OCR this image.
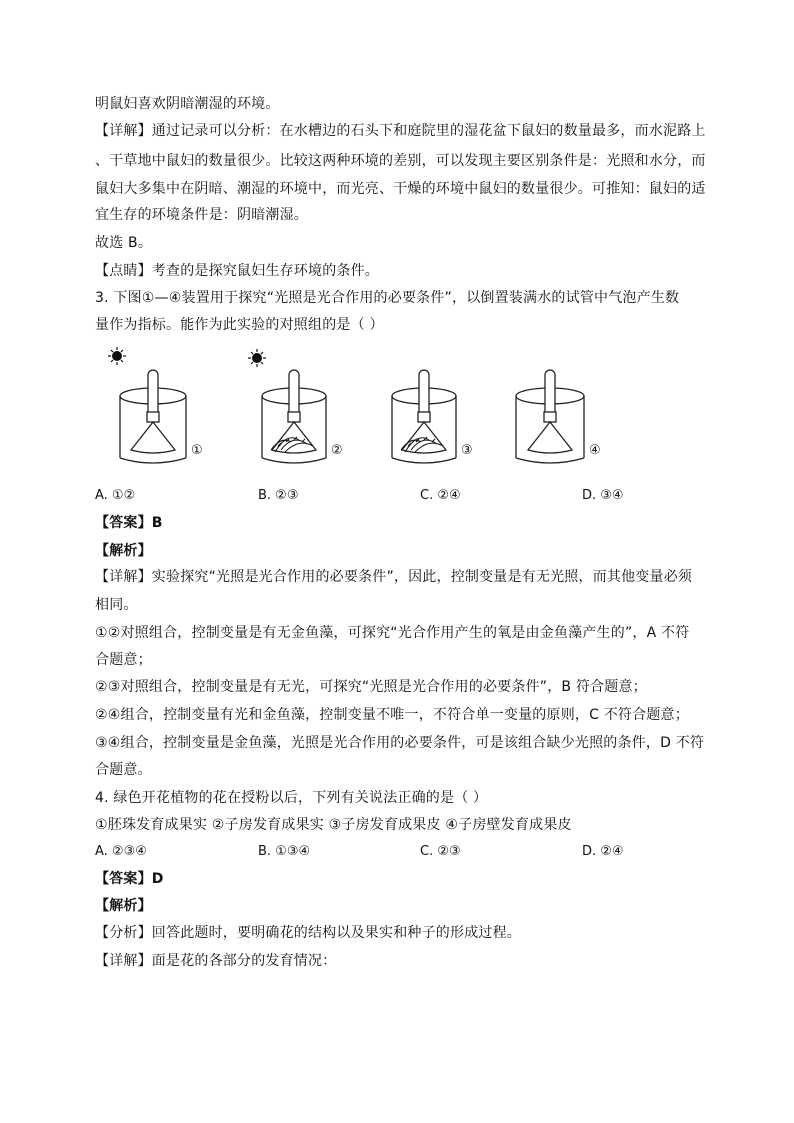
明鼠妇喜欢阴暗潮湿的环境。
【详解】通过记录可以分析：在水槽边的石头下和庭院里的湿花盆下鼠妇的数量最多，而水泥路上
、干草地中鼠妇的数量很少。比较这两种环境的差别，可以发现主要区别条件是：光照和水分，而
鼠妇大多集中在阴暗、潮湿的环境中，而光亮、干燥的环境中鼠妇的数量很少。可推知：鼠妇的适
宜生存的环境条件是：阴暗潮湿。
故选 B。
【点睛】考查的是探究鼠妇生存环境的条件。
3. 下图①—④装置用于探究“光照是光合作用的必要条件”，以倒置装满水的试管中气泡产生数
量作为指标。能作为此实验的对照组的是（ ）
①	②	③	④
A. ①②	B. ②③	C. ②④	D. ③④
【答案】B
【解析】
【详解】实验探究“光照是光合作用的必要条件”，因此，控制变量是有无光照，而其他变量必须
相同。
①②对照组合，控制变量是有无金鱼藻，可探究“光合作用产生的氧是由金鱼藻产生的”，A 不符
合题意；
②③对照组合，控制变量是有无光，可探究“光照是光合作用的必要条件”，B 符合题意；
②④组合，控制变量有光和金鱼藻，控制变量不唯一，不符合单一变量的原则，C 不符合题意；
③④组合，控制变量是金鱼藻，光照是光合作用的必要条件，可是该组合缺少光照的条件，D 不符
合题意。
4. 绿色开花植物的花在授粉以后，下列有关说法正确的是（ ）
①胚珠发育成果实 ②子房发育成果实 ③子房发育成果皮 ④子房壁发育成果皮
A. ②③④	B. ①③④	C. ②③	D. ②④
【答案】D
【解析】
【分析】回答此题时，要明确花的结构以及果实和种子的形成过程。
【详解】面是花的各部分的发育情况：
